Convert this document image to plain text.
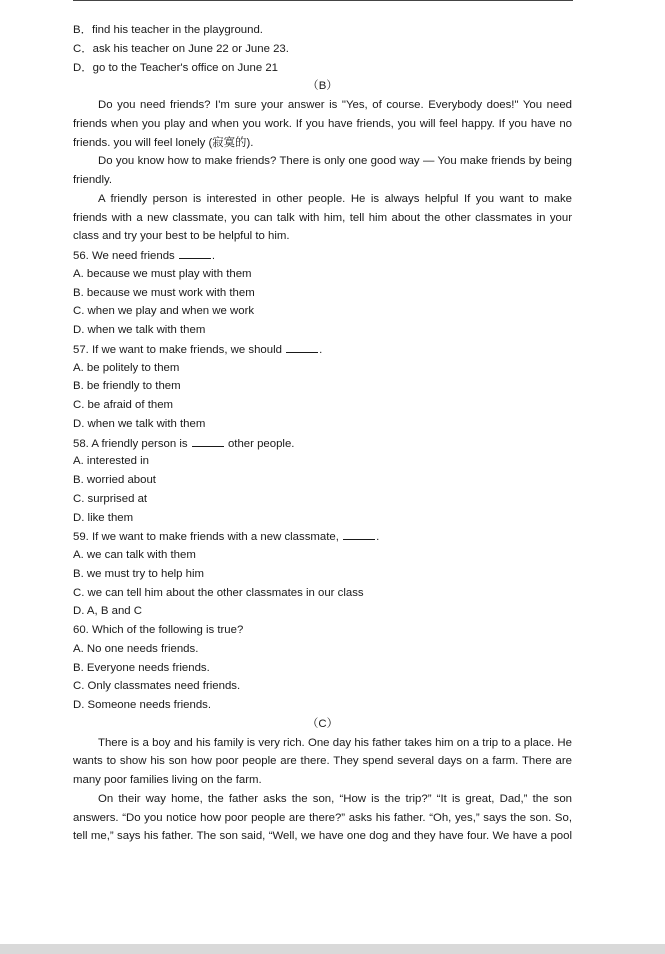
B．find his teacher in the playground.
C．ask his teacher on June 22 or June 23.
D．go to the Teacher's office on June 21
（B）
Do you need friends? I'm sure your answer is "Yes, of course. Everybody does!" You need
friends when you play and when you work. If you have friends, you will feel happy. If you have no
friends. you will feel lonely (寂寞的).
Do you know how to make friends? There is only one good way — You make friends by being
friendly.
A friendly person is interested in other people. He is always helpful If you want to make
friends with a new classmate, you can talk with him, tell him about the other classmates in your
class and try your best to be helpful to him.
56. We need friends	.
A. because we must play with them
B. because we must work with them
C. when we play and when we work
D. when we talk with them
57. If we want to make friends, we should	.
A. be politely to them
B. be friendly to them
C. be afraid of them
D. when we talk with them
58. A friendly person is	other people.
A. interested in
B. worried about
C. surprised at
D. like them
59. If we want to make friends with a new classmate,	.
A. we can talk with them
B. we must try to help him
C. we can tell him about the other classmates in our class
D. A, B and C
60. Which of the following is true?
A. No one needs friends.
B. Everyone needs friends.
C. Only classmates need friends.
D. Someone needs friends.
（C）
There is a boy and his family is very rich. One day his father takes him on a trip to a place. He
wants to show his son how poor people are there. They spend several days on a farm. There are
many poor families living on the farm.
On their way home, the father asks the son, “How is the trip?” “It is great, Dad,” the son
answers. “Do you notice how poor people are there?” asks his father. “Oh, yes,” says the son. So,
tell me,” says his father. The son said, “Well, we have one dog and they have four. We have a pool
